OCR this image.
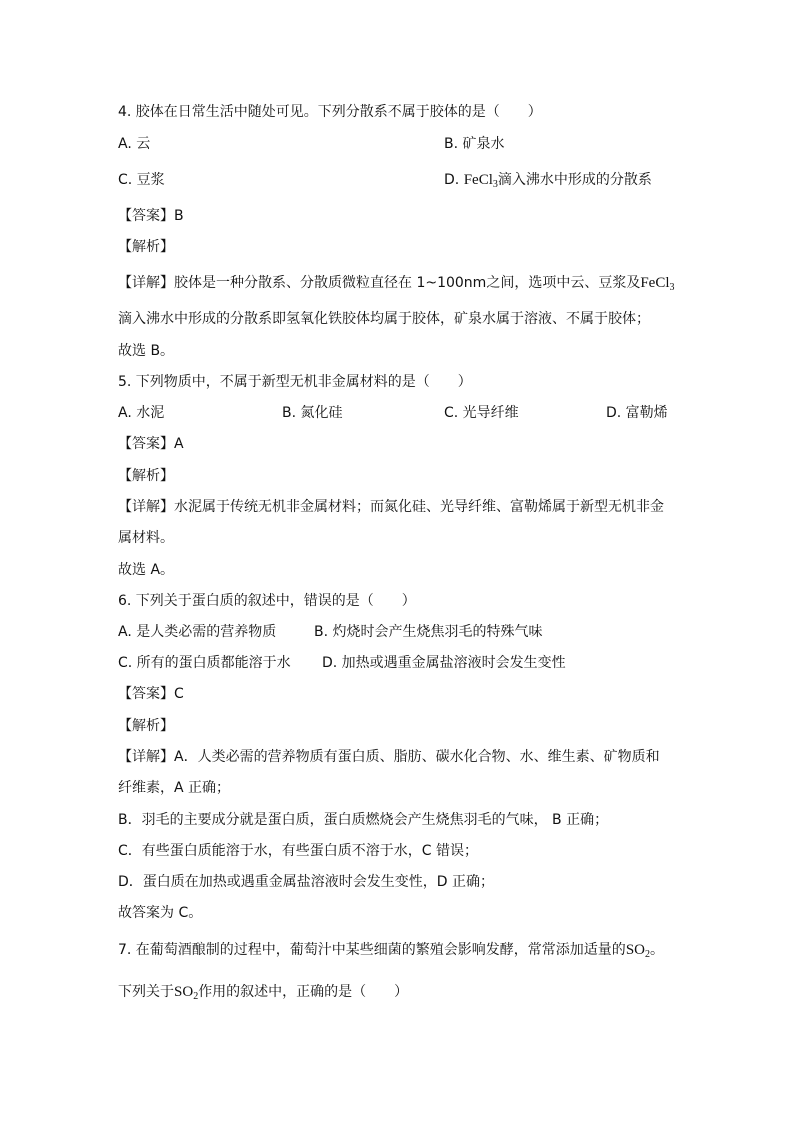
4. 胶体在日常生活中随处可见。下列分散系不属于胶体的是（　　）
A. 云	B. 矿泉水
C. 豆浆	D. FeCl$_3$滴入沸水中形成的分散系
【答案】B
【解析】
【详解】胶体是一种分散系、分散质微粒直径在 1~100nm之间，选项中云、豆浆及FeCl$_3$
滴入沸水中形成的分散系即氢氧化铁胶体均属于胶体，矿泉水属于溶液、不属于胶体；
故选 B。
5. 下列物质中，不属于新型无机非金属材料的是（　　）
A. 水泥	B. 氮化硅	C. 光导纤维	D. 富勒烯
【答案】A
【解析】
【详解】水泥属于传统无机非金属材料；而氮化硅、光导纤维、富勒烯属于新型无机非金
属材料。
故选 A。
6. 下列关于蛋白质的叙述中，错误的是（　　）
A. 是人类必需的营养物质	B. 灼烧时会产生烧焦羽毛的特殊气味
C. 所有的蛋白质都能溶于水 D. 加热或遇重金属盐溶液时会发生变性
【答案】C
【解析】
【详解】A．人类必需的营养物质有蛋白质、脂肪、碳水化合物、水、维生素、矿物质和
纤维素，A 正确；
B．羽毛的主要成分就是蛋白质，蛋白质燃烧会产生烧焦羽毛的气味， B 正确；
C．有些蛋白质能溶于水，有些蛋白质不溶于水，C 错误；
D．蛋白质在加热或遇重金属盐溶液时会发生变性，D 正确；
故答案为 C。
7. 在葡萄酒酿制的过程中，葡萄汁中某些细菌的繁殖会影响发酵，常常添加适量的$SO_2$。
下列关于$SO_2$作用的叙述中，正确的是（　　）
